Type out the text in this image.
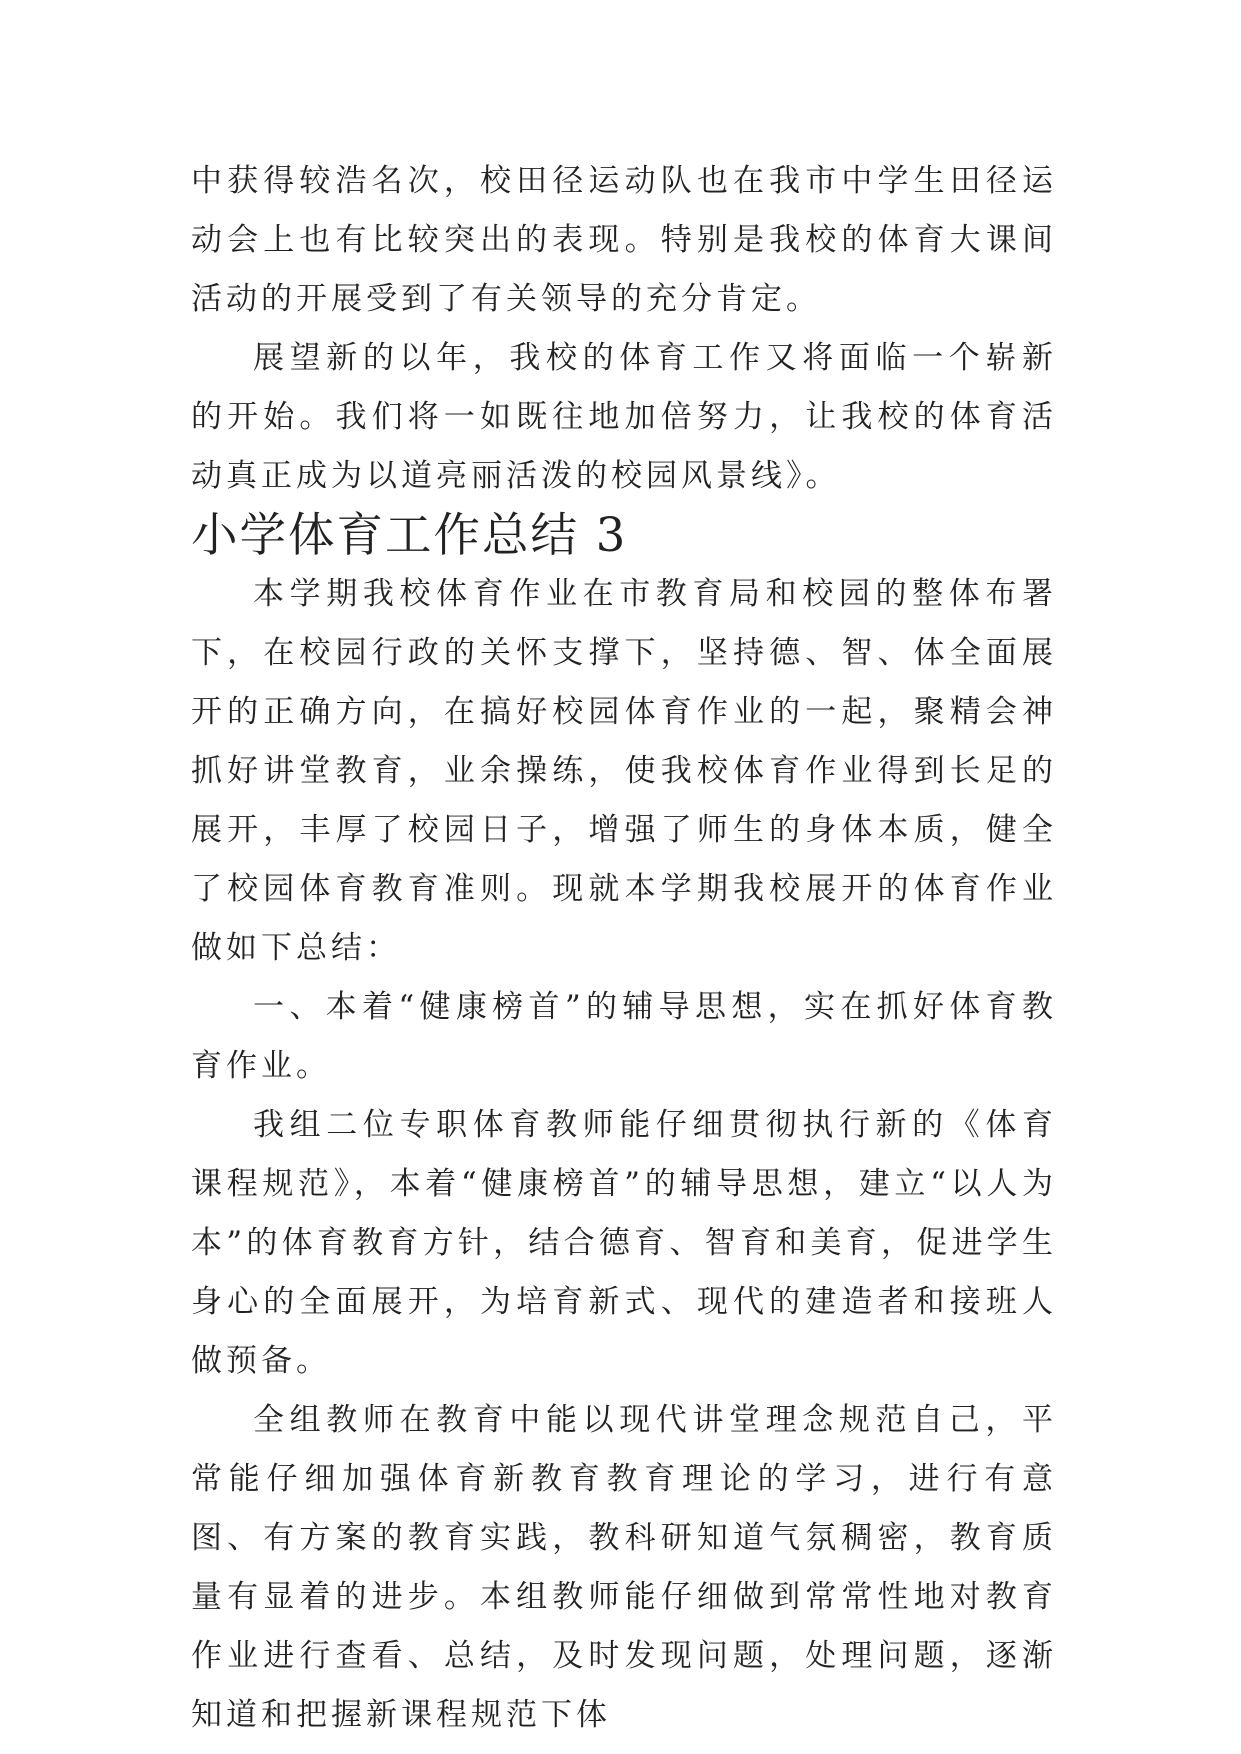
中获得较浩名次，校田径运动队也在我市中学生田径运动会上也有比较突出的表现。特别是我校的体育大课间活动的开展受到了有关领导的充分肯定。

展望新的以年，我校的体育工作又将面临一个崭新的开始。我们将一如既往地加倍努力，让我校的体育活动真正成为以道亮丽活泼的校园风景线》。

小学体育工作总结 3

本学期我校体育作业在市教育局和校园的整体布署下，在校园行政的关怀支撑下，坚持德、智、体全面展开的正确方向，在搞好校园体育作业的一起，聚精会神抓好讲堂教育，业余操练，使我校体育作业得到长足的展开，丰厚了校园日子，增强了师生的身体本质，健全了校园体育教育准则。现就本学期我校展开的体育作业做如下总结：

一、本着“健康榜首”的辅导思想，实在抓好体育教育作业。

我组二位专职体育教师能仔细贯彻执行新的《体育课程规范》，本着“健康榜首”的辅导思想，建立“以人为本”的体育教育方针，结合德育、智育和美育，促进学生身心的全面展开，为培育新式、现代的建造者和接班人做预备。

全组教师在教育中能以现代讲堂理念规范自己，平常能仔细加强体育新教育教育理论的学习，进行有意图、有方案的教育实践，教科研知道气氛稠密，教育质量有显着的进步。本组教师能仔细做到常常性地对教育作业进行查看、总结，及时发现问题，处理问题，逐渐知道和把握新课程规范下体
